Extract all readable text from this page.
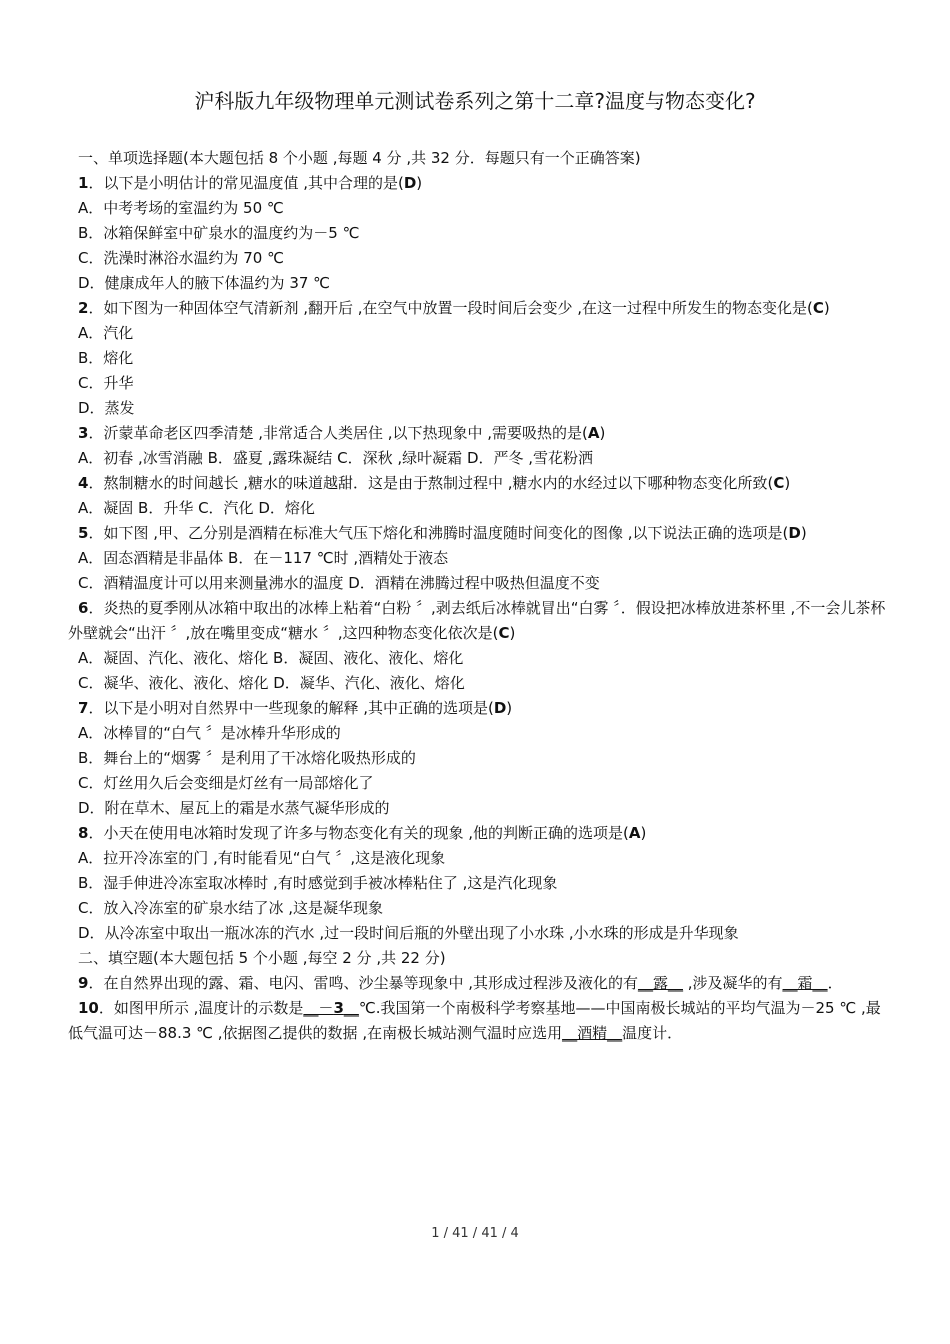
沪科版九年级物理单元测试卷系列之第十二章?温度与物态变化?
一、单项选择题(本大题包括 8 个小题 ,每题 4 分 ,共 32 分．每题只有一个正确答案)
1．以下是小明估计的常见温度值 ,其中合理的是(D)
A．中考考场的室温约为 50 ℃
B．冰箱保鲜室中矿泉水的温度约为－5 ℃
C．洗澡时淋浴水温约为 70 ℃
D．健康成年人的腋下体温约为 37 ℃
2．如下图为一种固体空气清新剂 ,翻开后 ,在空气中放置一段时间后会变少 ,在这一过程中所发生的物态变化是(C)
A．汽化
B．熔化
C．升华
D．蒸发
3．沂蒙革命老区四季清楚 ,非常适合人类居住 ,以下热现象中 ,需要吸热的是(A)
A．初春 ,冰雪消融 B．盛夏 ,露珠凝结 C．深秋 ,绿叶凝霜 D．严冬 ,雪花粉洒
4．熬制糖水的时间越长 ,糖水的味道越甜．这是由于熬制过程中 ,糖水内的水经过以下哪种物态变化所致(C)
A．凝固 B．升华 C．汽化 D．熔化
5．如下图 ,甲、乙分别是酒精在标准大气压下熔化和沸腾时温度随时间变化的图像 ,以下说法正确的选项是(D)
A．固态酒精是非晶体 B．在－117 ℃时 ,酒精处于液态
C．酒精温度计可以用来测量沸水的温度 D．酒精在沸腾过程中吸热但温度不变
6．炎热的夏季刚从冰箱中取出的冰棒上粘着“白粉 〞,剥去纸后冰棒就冒出“白雾 〞．假设把冰棒放进茶杯里 ,不一会儿茶杯外壁就会“出汗 〞,放在嘴里变成“糖水 〞,这四种物态变化依次是(C)
A．凝固、汽化、液化、熔化 B．凝固、液化、液化、熔化
C．凝华、液化、液化、熔化 D．凝华、汽化、液化、熔化
7．以下是小明对自然界中一些现象的解释 ,其中正确的选项是(D)
A．冰棒冒的“白气 〞是冰棒升华形成的
B．舞台上的“烟雾 〞是利用了干冰熔化吸热形成的
C．灯丝用久后会变细是灯丝有一局部熔化了
D．附在草木、屋瓦上的霜是水蒸气凝华形成的
8．小天在使用电冰箱时发现了许多与物态变化有关的现象 ,他的判断正确的选项是(A)
A．拉开冷冻室的门 ,有时能看见“白气 〞,这是液化现象
B．湿手伸进冷冻室取冰棒时 ,有时感觉到手被冰棒粘住了 ,这是汽化现象
C．放入冷冻室的矿泉水结了冰 ,这是凝华现象
D．从冷冻室中取出一瓶冰冻的汽水 ,过一段时间后瓶的外壁出现了小水珠 ,小水珠的形成是升华现象
二、填空题(本大题包括 5 个小题 ,每空 2 分 ,共 22 分)
9．在自然界出现的露、霜、电闪、雷鸣、沙尘暴等现象中 ,其形成过程涉及液化的有__露__ ,涉及凝华的有__霜__．
10．如图甲所示 ,温度计的示数是__－3__℃.我国第一个南极科学考察基地——中国南极长城站的平均气温为－25 ℃ ,最低气温可达－88.3 ℃ ,依据图乙提供的数据 ,在南极长城站测气温时应选用__酒精__温度计．
1 / 41 / 41 / 4
